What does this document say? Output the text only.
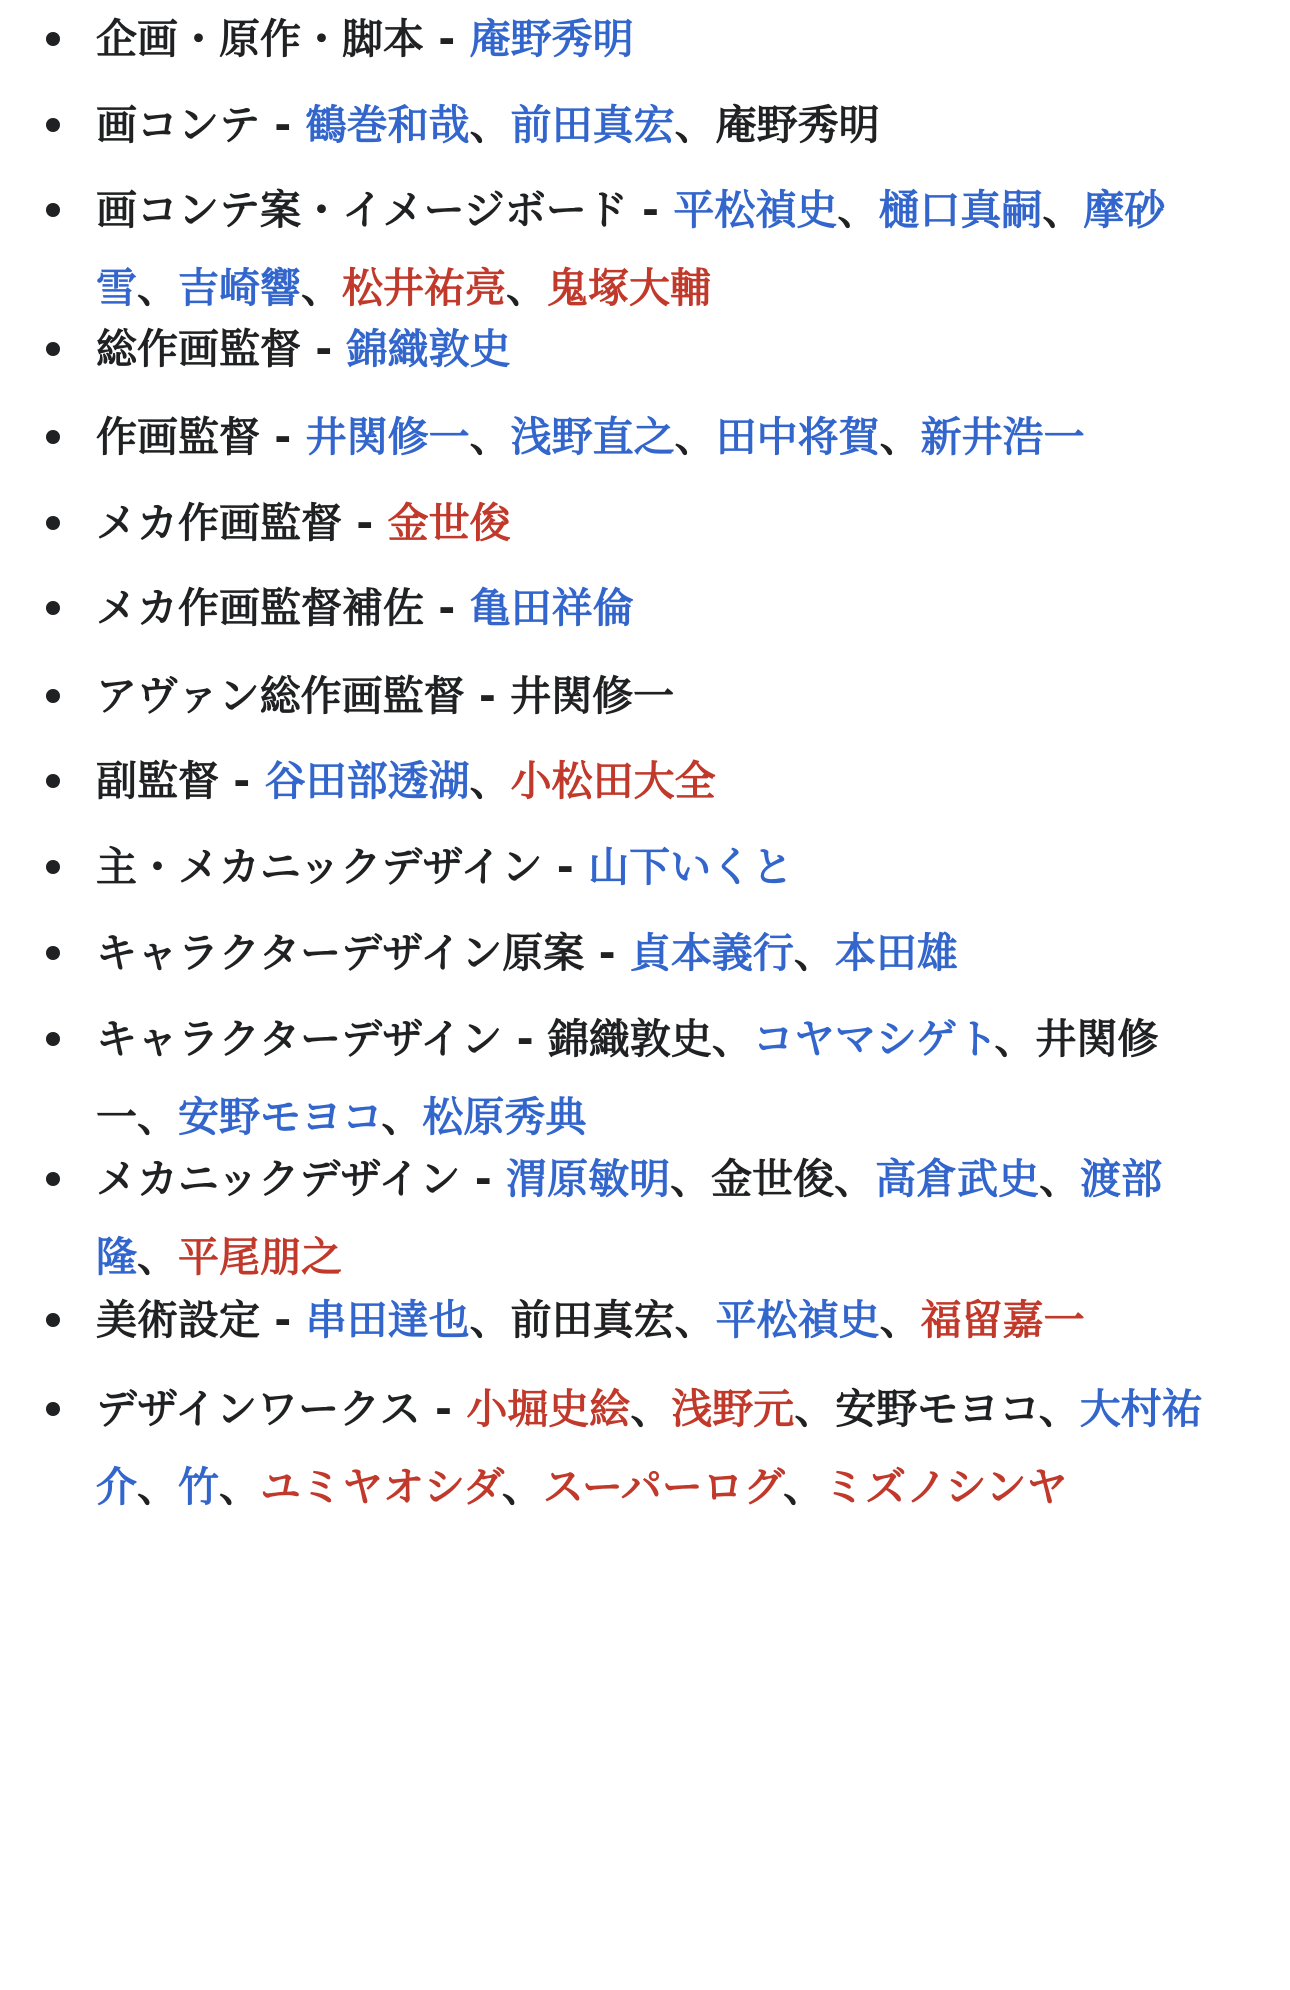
企画・原作・脚本 - 庵野秀明
画コンテ - 鶴巻和哉、前田真宏、庵野秀明
画コンテ案・イメージボード - 平松禎史、樋口真嗣、摩砂雪、吉崎響、松井祐亮、鬼塚大輔
総作画監督 - 錦織敦史
作画監督 - 井関修一、浅野直之、田中将賀、新井浩一
メカ作画監督 - 金世俊
メカ作画監督補佐 - 亀田祥倫
アヴァン総作画監督 - 井関修一
副監督 - 谷田部透湖、小松田大全
主・メカニックデザイン - 山下いくと
キャラクターデザイン原案 - 貞本義行、本田雄
キャラクターデザイン - 錦織敦史、コヤマシゲト、井関修一、安野モヨコ、松原秀典
メカニックデザイン - 渭原敏明、金世俊、高倉武史、渡部隆、平尾朋之
美術設定 - 串田達也、前田真宏、平松禎史、福留嘉一
デザインワークス - 小堀史絵、浅野元、安野モヨコ、大村祐介、竹、ユミヤオシダ、スーパーログ、ミズノシンヤ
